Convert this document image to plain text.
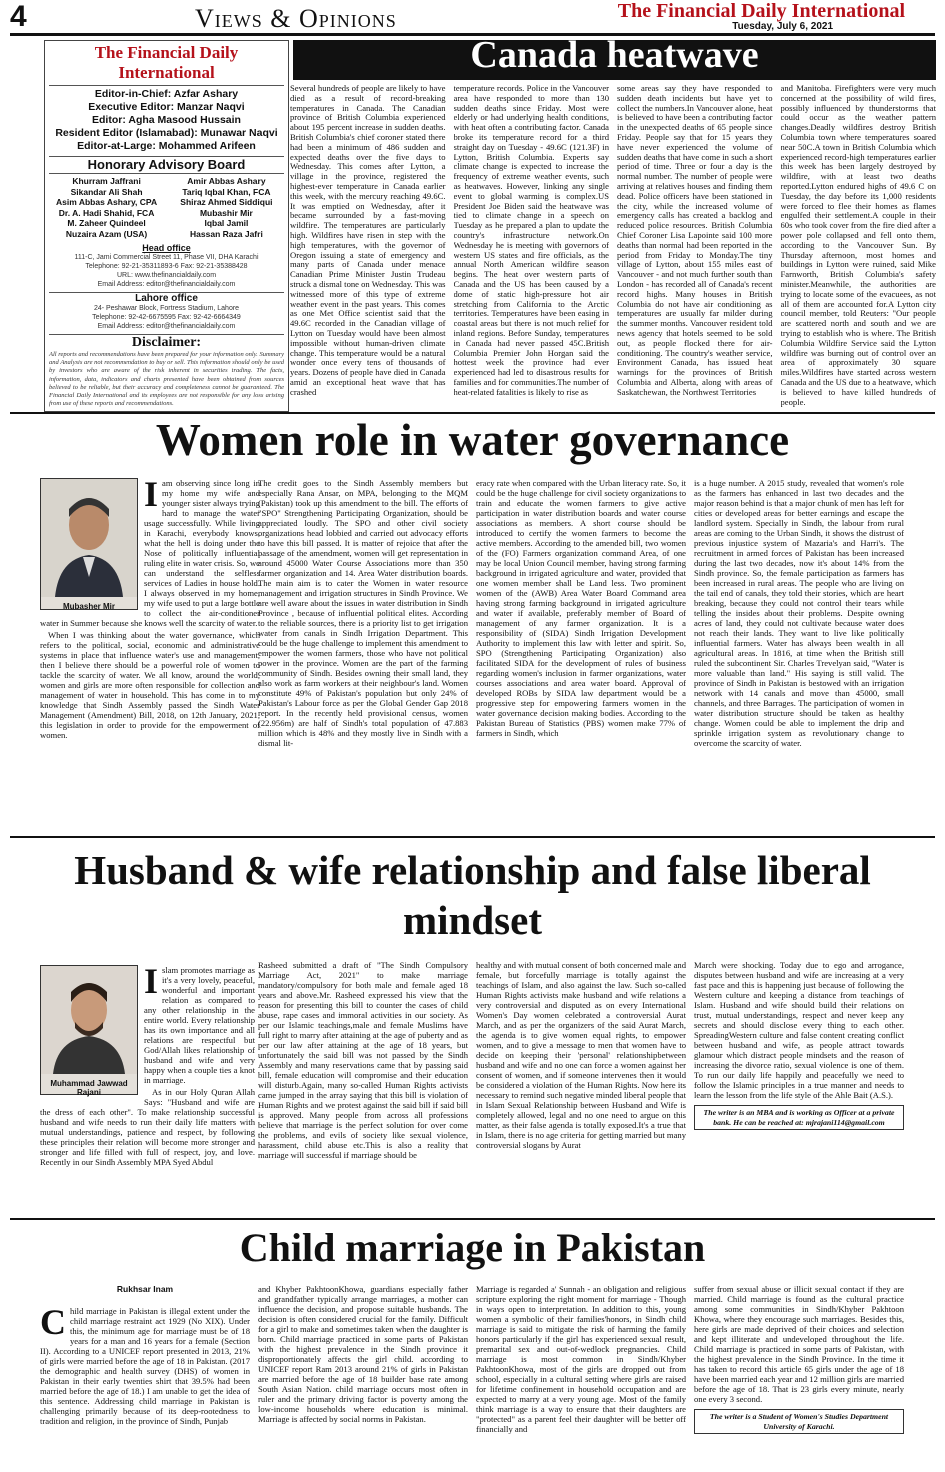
4	Views & Opinions	The Financial Daily International
Tuesday, July 6, 2021
The Financial Daily International
Editor-in-Chief: Azfar Ashary
Executive Editor: Manzar Naqvi
Editor: Agha Masood Hussain
Resident Editor (Islamabad): Munawar Naqvi
Editor-at-Large: Mohammed Arifeen
Honorary Advisory Board
Khurram Jaffrani
Sikandar Ali Shah
Asim Abbas Ashary, CPA
Dr. A. Hadi Shahid, FCA
M. Zaheer Quindeel
Nuzaira Azam (USA)
Amir Abbas Ashary
Tariq Iqbal Khan, FCA
Shiraz Ahmed Siddiqui
Mubashir Mir
Iqbal Jamil
Hassan Raza Jafri
Head office
111-C, Jami Commercial Street 11, Phase VII, DHA Karachi
Telephone: 92-21-35311893-6 Fax: 92-21-35388428
URL: www.thefinancialdaily.com
Email Address: editor@thefinancialdaily.com
Lahore office
24- Peshawar Block, Fortress Stadium, Lahore
Telephone: 92-42-6675595 Fax: 92-42-6664349
Email Address: editor@thefinancialdaily.com
Disclaimer:
All reports and recommendations have been prepared for your information only. Summary and Analysis are not recommendation to buy or sell. This information should only be used by investors who are aware of the risk inherent in securities trading. The facts, information, data, indicators and charts presented have been obtained from sources believed to be reliable, but their accuracy and completeness cannot be guaranteed. The Financial Daily International and its employees are not responsible for any loss arising from use of these reports and recommendations.
Canada heatwave

Several hundreds of people are likely to have died as a result of record-breaking temperatures in Canada. The Canadian province of British Columbia experienced about 195 percent increase in sudden deaths. British Columbia's chief coroner stated there had been a minimum of 486 sudden and expected deaths over the five days to Wednesday. This comes after Lytton, a village in the province, registered the highest-ever temperature in Canada earlier this week, with the mercury reaching 49.6C. It was emptied on Wednesday, after it became surrounded by a fast-moving wildfire. The temperatures are particularly high. Wildfires have risen in step with the high temperatures, with the governor of Oregon issuing a state of emergency and many parts of Canada under menace Canadian Prime Minister Justin Trudeau struck a dismal tone on Wednesday. This was witnessed more of this type of extreme weather event in the past years. This comes as one Met Office scientist said that the 49.6C recorded in the Canadian village of Lytton on Tuesday would have been almost impossible without human-driven climate change. This temperature would be a natural wonder once every tens of thousands of years. Dozens of people have died in Canada amid an exceptional heat wave that has crashed

temperature records. Police in the Vancouver area have responded to more than 130 sudden deaths since Friday. Most were elderly or had underlying health conditions, with heat often a contributing factor. Canada broke its temperature record for a third straight day on Tuesday - 49.6C (121.3F) in Lytton, British Columbia. Experts say climate change is expected to increase the frequency of extreme weather events, such as heatwaves. However, linking any single event to global warming is complex.US President Joe Biden said the heatwave was tied to climate change in a speech on Tuesday as he prepared a plan to update the country's infrastructure network.On Wednesday he is meeting with governors of western US states and fire officials, as the annual North American wildfire season begins. The heat over western parts of Canada and the US has been caused by a dome of static high-pressure hot air stretching from California to the Arctic territories. Temperatures have been easing in coastal areas but there is not much relief for inland regions. Before Sunday, temperatures in Canada had never passed 45C.British Columbia Premier John Horgan said the hottest week the province had ever experienced had led to disastrous results for families and for communities.The number of heat-related fatalities is likely to rise as

some areas say they have responded to sudden death incidents but have yet to collect the numbers.In Vancouver alone, heat is believed to have been a contributing factor in the unexpected deaths of 65 people since Friday. People say that for 15 years they have never experienced the volume of sudden deaths that have come in such a short period of time. Three or four a day is the normal number. The number of people were arriving at relatives houses and finding them dead. Police officers have been stationed in the city, while the increased volume of emergency calls has created a backlog and reduced police resources. British Columbia Chief Coroner Lisa Lapointe said 100 more deaths than normal had been reported in the period from Friday to Monday.The tiny village of Lytton, about 155 miles east of Vancouver - and not much further south than London - has recorded all of Canada's recent record highs. Many houses in British Columbia do not have air conditioning as temperatures are usually far milder during the summer months. Vancouver resident told news agency that hotels seemed to be sold out, as people flocked there for air-conditioning. The country's weather service, Environment Canada, has issued heat warnings for the provinces of British Columbia and Alberta, along with areas of Saskatchewan, the Northwest Territories

and Manitoba. Firefighters were very much concerned at the possibility of wild fires, possibly influenced by thunderstorms that could occur as the weather pattern changes.Deadly wildfires destroy British Columbia town where temperatures soared near 50C.A town in British Columbia which experienced record-high temperatures earlier this week has been largely destroyed by wildfire, with at least two deaths reported.Lytton endured highs of 49.6 C on Tuesday, the day before its 1,000 residents were forced to flee their homes as flames engulfed their settlement.A couple in their 60s who took cover from the fire died after a power pole collapsed and fell onto them, according to the Vancouver Sun. By Thursday afternoon, most homes and buildings in Lytton were ruined, said Mike Farnworth, British Columbia's safety minister.Meanwhile, the authorities are trying to locate some of the evacuees, as not all of them are accounted for.A Lytton city council member, told Reuters: "Our people are scattered north and south and we are trying to establish who is where. The British Columbia Wildfire Service said the Lytton wildfire was burning out of control over an area of approximately 30 square miles.Wildfires have started across western Canada and the US due to a heatwave, which is believed to have killed hundreds of people.

Women role in water governance
Mubasher Mir
Iam observing since long in my home my wife and younger sister always trying hard to manage the water usage successfully. While living in Karachi, everybody knows, what the hell is doing under the Nose of politically influential ruling elite in water crisis. So, we can understand the selfless services of Ladies in house hold. I always observed in my home, my wife used to put a large bottle to collect the air-conditioner water in Summer because she knows well the scarcity of water.

When I was thinking about the water governance, which refers to the political, social, economic and administrative systems in place that influence water's use and management, then I believe there should be a powerful role of women to tackle the scarcity of water. We all know, around the world, women and girls are more often responsible for collection and management of water in household. This has come in to my knowledge that Sindh Assembly passed the Sindh Water Management (Amendment) Bill, 2018, on 12th January, 2021, this legislation in order to provide for the empowerment of women.

The credit goes to the Sindh Assembly members but especially Rana Ansar, on MPA, belonging to the MQM (Pakistan) took up this amendment to the bill. The efforts of "SPO" Strengthening Participating Organization, should be appreciated loudly. The SPO and other civil society organizations head lobbied and carried out advocacy efforts to have this bill passed. It is matter of rejoice that after the passage of the amendment, women will get representation in around 45000 Water Course Associations more than 350 farmer organization and 14. Area Water distribution boards. The main aim is to cater the Women in water resource management and irrigation structures in Sindh Province. We are well aware about the issues in water distribution in Sindh Province , because of influential political elites. According to the reliable sources, there is a priority list to get irrigation water from canals in Sindh Irrigation Department. This could be the huge challenge to implement this amendment to empower the women farmers, those who have not political power in the province. Women are the part of the farming community of Sindh. Besides owning their small land, they also work as farm workers at their neighbour's land. Women constitute 49% of Pakistan's population but only 24% of Pakistan's Labour force as per the Global Gender Gap 2018 report. In the recently held provisional census, women (22.956m) are half of Sindh's total population of 47.883 million which is 48% and they mostly live in Sindh with a dismal lit-
eracy rate when compared with the Urban literacy rate. So, it could be the huge challenge for civil society organizations to train and educate the women farmers to give active participation in water distribution boards and water course associations as members. A short course should be introduced to certify the women farmers to become the active members. According to the amended bill, two women of the (FO) Farmers organization command Area, of one may be local Union Council member, having strong farming background in irrigated agriculture and water, provided that one women member shall be Land less. Two prominent women of the (AWB) Area Water Board Command area having strong farming background in irrigated agriculture and water if available, preferably member of Board of management of any farmer organization. It is a responsibility of (SIDA) Sindh Irrigation Development Authority to implement this law with letter and spirit. So, SPO (Strengthening Participating Organization) also facilitated SIDA for the development of rules of business regarding women's inclusion in farmer organizations, water courses associations and area water board. Approval of developed ROBs by SIDA law department would be a progressive step for empowering farmers women in the water governance decision making bodies. According to the Pakistan Bureau of Statistics (PBS) women make 77% of farmers in Sindh, which
is a huge number. A 2015 study, revealed that women's role as the farmers has enhanced in last two decades and the major reason behind is that a major chunk of men has left for cities or developed areas for better earnings and escape the landlord system. Specially in Sindh, the labour from rural areas are coming to the Urban Sindh, it shows the distrust of previous injustice system of Mazaria's and Harri's. The recruitment in armed forces of Pakistan has been increased during the last two decades, now it's about 14% from the Sindh province. So, the female participation as farmers has been increased in rural areas. The people who are living on the tail end of canals, they told their stories, which are heart breaking, because they could not control their tears while telling the insides about their problems. Despite owning acres of land, they could not cultivate because water does not reach their lands. They want to live like politically influential farmers. Water has always been wealth in all agricultural areas. In 1816, at time when the British still ruled the subcontinent Sir. Charles Trevelyan said, "Water is more valuable than land." His saying is still valid. The province of Sindh in Pakistan is bestowed with an irrigation network with 14 canals and move than 45000, small channels, and three Barrages. The participation of women in water distribution structure should be taken as healthy change. Women could be able to implement the drip and sprinkle irrigation system as revolutionary change to overcome the scarcity of water.
Husband & wife relationship and false liberal mindset
Muhammad Jawwad Rajani
Islam promotes marriage as it's a very lovely, peaceful, wonderful and important relation as compared to any other relationship in the entire world. Every relationship has its own importance and all relations are respectful but God/Allah likes relationship of husband and wife and very happy when a couple ties a knot in marriage.

As in our Holy Quran Allah Says: "Husband and wife are the dress of each other". To make relationship successful husband and wife needs to run their daily life matters with mutual understandings, patience and respect, by following these principles their relation will become more stronger and stronger and life filled with full of respect, joy, and love. Recently in our Sindh Assembly MPA Syed Abdul

Rasheed submitted a draft of "The Sindh Compulsory Marriage Act, 2021" to make marriage mandatory/compulsory for both male and female aged 18 years and above.Mr. Rasheed expressed his view that the reason for presenting this bill to counter the cases of child abuse, rape cases and immoral activities in our society. As per our Islamic teachings,male and female Muslims have full right to marry after attaining at the age of puberty and as per our law after attaining at the age of 18 years, but unfortunately the said bill was not passed by the Sindh Assembly and many reservations came that by passing said bill, female education will compromise and their education will disturb.Again, many so-called Human Rights activists came jumped in the array saying that this bill is violation of Human Rights and we protest against the said bill if said bill is approved. Many people from across all professions believe that marriage is the perfect solution for over come the problems, and evils of society like sexual violence, harassment, child abuse etc.This is also a reality that marriage will successful if marriage should be
healthy and with mutual consent of both concerned male and female, but forcefully marriage is totally against the teachings of Islam, and also against the law. Such so-called Human Rights activists make husband and wife relations a very controversial and disputed as on every International Women's Day women celebrated a controversial Aurat March, and as per the organizers of the said Aurat March, the agenda is to give women equal rights, to empower women, and to give a message to men that women have to decide on keeping their 'personal' relationshipbetween husband and wife and no one can force a women against her consent of women, and if someone intervenes then it would be considered a violation of the Human Rights. Now here its necessary to remind such negative minded liberal people that in Islam Sexual Relationship between Husband and Wife is completely allowed, legal and no one need to argue on this matter, as their false agenda is totally exposed.It's a true that in Islam, there is no age criteria for getting married but many controversial slogans by Aurat
March were shocking. Today due to ego and arrogance, disputes between husband and wife are increasing at a very fast pace and this is happening just because of following the Western culture and keeping a distance from teachings of Islam. Husband and wife should build their relations on trust, mutual understandings, respect and never keep any secrets and should disclose every thing to each other. SpreadingWestern culture and false content creating conflict between husband and wife, as people attract towards glamour which distract people mindsets and the reason of increasing the divorce ratio, sexual violence is one of them. To run our daily life happily and peacefully we need to follow the Islamic principles in a true manner and needs to learn the lesson from the life style of the Ahle Bait (A.S.).
The writer is an MBA and is working as Officer at a private bank. He can be reached at: mjrajani114@gmail.com
Child marriage in Pakistan
Rukhsar Inam
Child marriage in Pakistan is illegal extent under the child marriage restraint act 1929 (No XIX). Under this, the minimum age for marriage must be of 18 years for a man and 16 years for a female (Section II). According to a UNICEF report presented in 2013, 21% of girls were married before the age of 18 in Pakistan. (2017 the demographic and health survey (DHS) of women in Pakistan in their early twenties shirt that 39.5% had been married before the age of 18.) I am unable to get the idea of this sentence. Addressing child marriage in Pakistan is challenging primarily because of its deep-rootedness to tradition and religion, in the province of Sindh, Punjab
and Khyber PakhtoonKhowa, guardians especially father and grandfather typically arrange marriages, a mother can influence the decision, and propose suitable husbands. The decision is often considered crucial for the family. Difficult for a girl to make and sometimes taken when the daughter is born. Child marriage practiced in some parts of Pakistan with the highest prevalence in the Sindh province it disproportionately affects the girl child. according to UNICEF report Ram 2013 around 21% of girls in Pakistan are married before the age of 18 builder base rate among South Asian Nation. child marriage occurs most often in ruler and the primary driving factor is poverty among the low-income households where education is minimal. Marriage is affected by social norms in Pakistan.
Marriage is regarded a' Sunnah - an obligation and religious scripture exploring the right moment for marriage - Though in ways open to interpretation. In addition to this, young women a symbolic of their families'honors, in Sindh child marriage is said to mitigate the risk of harming the family honors particularly if the girl has experienced sexual result, premarital sex and out-of-wedlock pregnancies. Child marriage is most common in Sindh/Khyber PakhtoonKhowa, most of the girls are dropped out from school, especially in a cultural setting where girls are raised for lifetime confinement in household occupation and are expected to marry at a very young age. Most of the family think marriage is a way to ensure that their daughters are "protected" as a parent feel their daughter will be better off financially and
suffer from sexual abuse or illicit sexual contact if they are married. Child marriage is found as the cultural practice among some communities in Sindh/Khyber Pakhtoon Khowa, where they encourage such marriages. Besides this, here girls are made deprived of their choices and selection and kept illiterate and undeveloped throughout the life. Child marriage is practiced in some parts of Pakistan, with the highest prevalence in the Sindh Province. In the time it has taken to record this article 65 girls under the age of 18 have been married each year and 12 million girls are married before the age of 18. That is 23 girls every minute, nearly one every 3 second.
The writer is a Student of Women's Studies Department University of Karachi.
